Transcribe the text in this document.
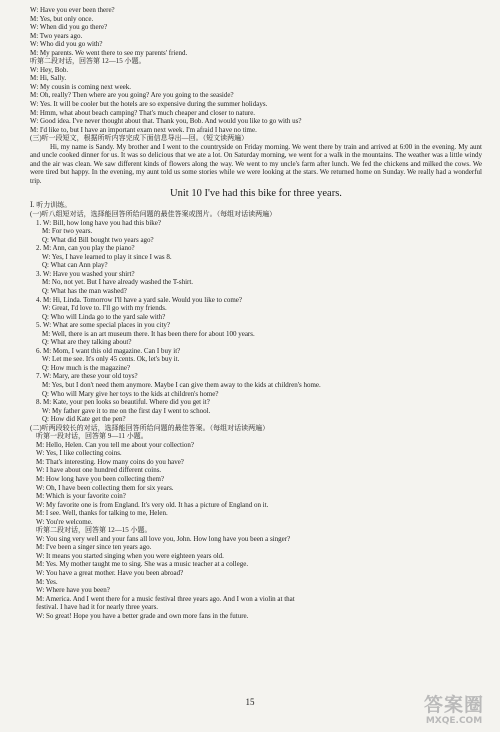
W: Have you ever been there?
M: Yes, but only once.
W: When did you go there?
M: Two years ago.
W: Who did you go with?
M: My parents. We went there to see my parents' friend.
听第二段对话，回答第 12—15 小题。
W: Hey, Bob.
M: Hi, Sally.
W: My cousin is coming next week.
M: Oh, really? Then where are you going? Are you going to the seaside?
W: Yes. It will be cooler but the hotels are so expensive during the summer holidays.
M: Hmm, what about beach camping? That's much cheaper and closer to nature.
W: Good idea. I've never thought about that. Thank you, Bob. And would you like to go with us?
M: I'd like to, but I have an important exam next week. I'm afraid I have no time.
(三)听一段短文，根据所听内容完成下面信息导出—回。（短文读两遍）

Hi, my name is Sandy. My brother and I went to the countryside on Friday morning. We went there by train and arrived at 6:00 in the evening. My aunt and uncle cooked dinner for us. It was so delicious that we ate a lot. On Saturday morning, we went for a walk in the mountains. The weather was a little windy and the air was clean. We saw different kinds of flowers along the way. We went to my uncle's farm after lunch. We fed the chickens and milked the cows. We were tired but happy. In the evening, my aunt told us some stories while we were looking at the stars. We returned home on Sunday. We really had a wonderful trip.

Unit 10 I've had this bike for three years.
Ⅰ. 听力训练。
(一)听八组短对话，选择能回答所给问题的最佳答案或图片。（每组对话读两遍）
1. W: Bill, how long have you had this bike?
M: For two years.
Q: What did Bill bought two years ago?
2. M: Ann, can you play the piano?
W: Yes, I have learned to play it since I was 8.
Q: What can Ann play?
3. W: Have you washed your shirt?
M: No, not yet. But I have already washed the T-shirt.
Q: What has the man washed?
4. M: Hi, Linda. Tomorrow I'll have a yard sale. Would you like to come?
W: Great, I'd love to. I'll go with my friends.
Q: Who will Linda go to the yard sale with?
5. W: What are some special places in you city?
M: Well, there is an art museum there. It has been there for about 100 years.
Q: What are they talking about?
6. M: Mom, I want this old magazine. Can I buy it?
W: Let me see. It's only 45 cents. Ok, let's buy it.
Q: How much is the magazine?
7. W: Mary, are these your old toys?
M: Yes, but I don't need them anymore. Maybe I can give them away to the kids at children's home.
Q: Who will Mary give her toys to the kids at children's home?
8. M: Kate, your pen looks so beautiful. Where did you get it?
W: My father gave it to me on the first day I went to school.
Q: How did Kate get the pen?
(二)听两段较长的对话，选择能回答所给问题的最佳答案。（每组对话读两遍）
听第一段对话，回答第 9—11 小题。
M: Hello, Helen. Can you tell me about your collection?
W: Yes, I like collecting coins.
M: That's interesting. How many coins do you have?
W: I have about one hundred different coins.
M: How long have you been collecting them?
W: Oh, I have been collecting them for six years.
M: Which is your favorite coin?
W: My favorite one is from England. It's very old. It has a picture of England on it.
M: I see. Well, thanks for talking to me, Helen.
W: You're welcome.
听第二段对话，回答第 12—15 小题。
W: You sing very well and your fans all love you, John. How long have you been a singer?
M: I've been a singer since ten years ago.
W: It means you started singing when you were eighteen years old.
M: Yes. My mother taught me to sing. She was a music teacher at a college.
W: You have a great mother. Have you been abroad?
M: Yes.
W: Where have you been?
M: America. And I went there for a music festival three years ago. And I won a violin at that
festival. I have had it for nearly three years.
W: So great! Hope you have a better grade and own more fans in the future.
15	答案圈
MXQE.COM
